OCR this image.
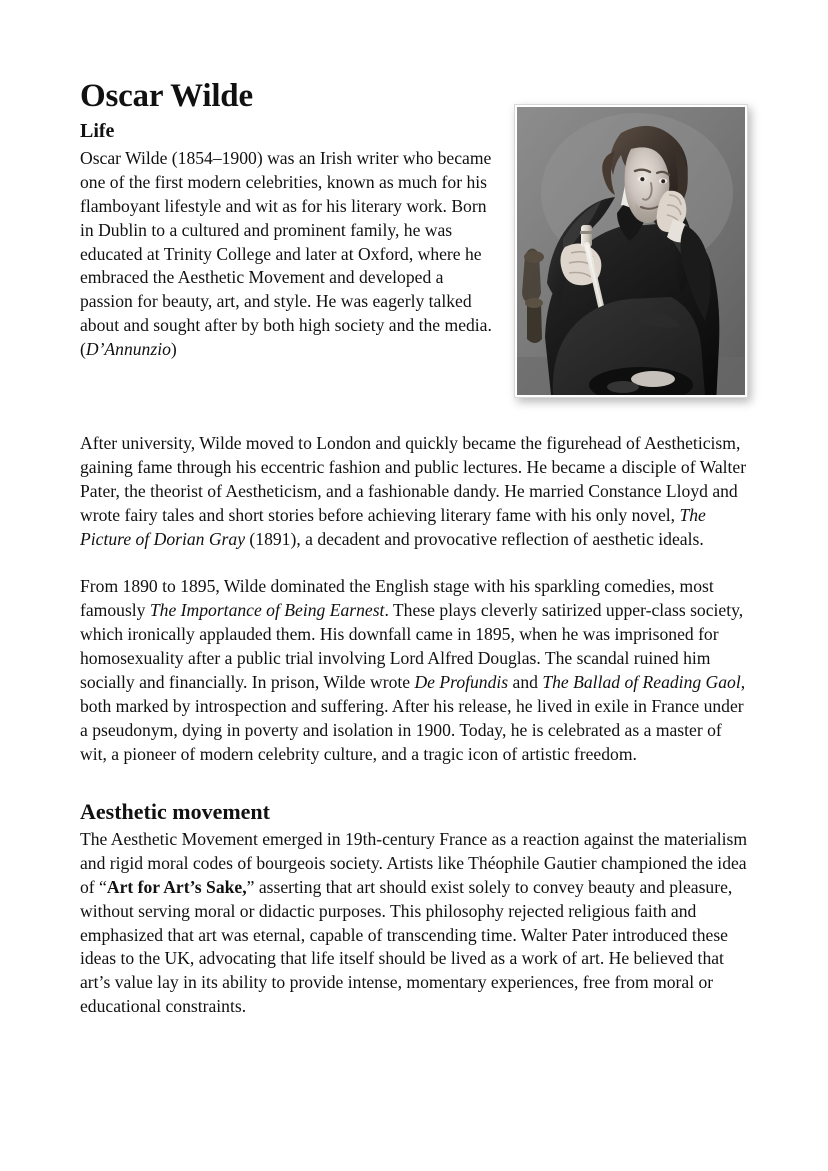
Oscar Wilde
Life

Oscar Wilde (1854–1900) was an Irish writer who became one of the first modern celebrities, known as much for his flamboyant lifestyle and wit as for his literary work. Born in Dublin to a cultured and prominent family, he was educated at Trinity College and later at Oxford, where he embraced the Aesthetic Movement and developed a passion for beauty, art, and style. He was eagerly talked about and sought after by both high society and the media. (D’Annunzio)

After university, Wilde moved to London and quickly became the figurehead of Aestheticism, gaining fame through his eccentric fashion and public lectures. He became a disciple of Walter Pater, the theorist of Aestheticism, and a fashionable dandy. He married Constance Lloyd and wrote fairy tales and short stories before achieving literary fame with his only novel, The Picture of Dorian Gray (1891), a decadent and provocative reflection of aesthetic ideals.

From 1890 to 1895, Wilde dominated the English stage with his sparkling comedies, most famously The Importance of Being Earnest. These plays cleverly satirized upper-class society, which ironically applauded them. His downfall came in 1895, when he was imprisoned for homosexuality after a public trial involving Lord Alfred Douglas. The scandal ruined him socially and financially. In prison, Wilde wrote De Profundis and The Ballad of Reading Gaol, both marked by introspection and suffering. After his release, he lived in exile in France under a pseudonym, dying in poverty and isolation in 1900. Today, he is celebrated as a master of wit, a pioneer of modern celebrity culture, and a tragic icon of artistic freedom.

Aesthetic movement

The Aesthetic Movement emerged in 19th-century France as a reaction against the materialism and rigid moral codes of bourgeois society. Artists like Théophile Gautier championed the idea of “Art for Art’s Sake,” asserting that art should exist solely to convey beauty and pleasure, without serving moral or didactic purposes. This philosophy rejected religious faith and emphasized that art was eternal, capable of transcending time. Walter Pater introduced these ideas to the UK, advocating that life itself should be lived as a work of art. He believed that art’s value lay in its ability to provide intense, momentary experiences, free from moral or educational constraints.
